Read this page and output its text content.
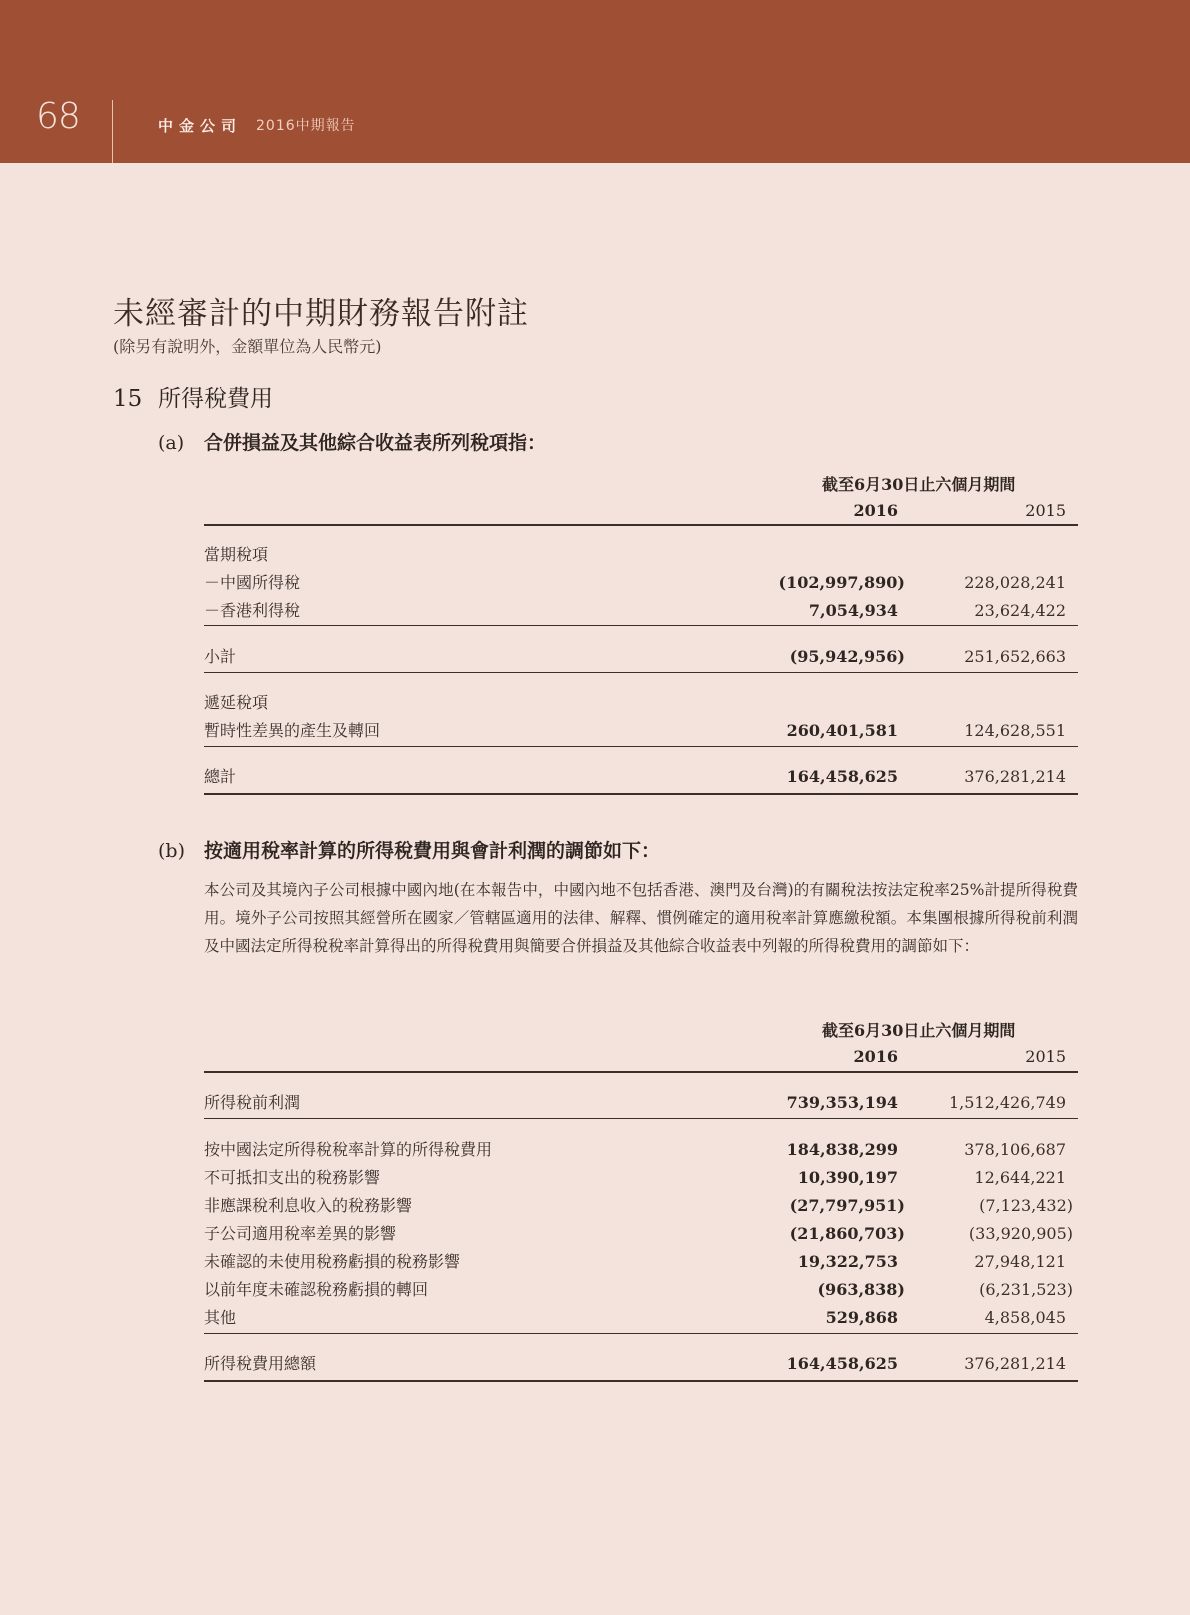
68	中金公司 2016中期報告
未經審計的中期財務報告附註
(除另有說明外，金額單位為人民幣元)
15 所得稅費用
(a) 合併損益及其他綜合收益表所列稅項指：
截至6月30日止六個月期間
2016	2015
當期稅項
－中國所得稅	(102,997,890)	228,028,241
－香港利得稅	7,054,934	23,624,422
小計	(95,942,956)	251,652,663
遞延稅項
暫時性差異的產生及轉回	260,401,581	124,628,551
總計	164,458,625	376,281,214
(b) 按適用稅率計算的所得稅費用與會計利潤的調節如下：
本公司及其境內子公司根據中國內地(在本報告中，中國內地不包括香港、澳門及台灣)的有關稅法按法定稅率25%計提所得稅費用。境外子公司按照其經營所在國家／管轄區適用的法律、解釋、慣例確定的適用稅率計算應繳稅額。本集團根據所得稅前利潤及中國法定所得稅稅率計算得出的所得稅費用與簡要合併損益及其他綜合收益表中列報的所得稅費用的調節如下：
截至6月30日止六個月期間
2016	2015
所得稅前利潤	739,353,194	1,512,426,749
按中國法定所得稅稅率計算的所得稅費用	184,838,299	378,106,687
不可抵扣支出的稅務影響	10,390,197	12,644,221
非應課稅利息收入的稅務影響	(27,797,951)	(7,123,432)
子公司適用稅率差異的影響	(21,860,703)	(33,920,905)
未確認的未使用稅務虧損的稅務影響	19,322,753	27,948,121
以前年度未確認稅務虧損的轉回	(963,838)	(6,231,523)
其他	529,868	4,858,045
所得稅費用總額	164,458,625	376,281,214
